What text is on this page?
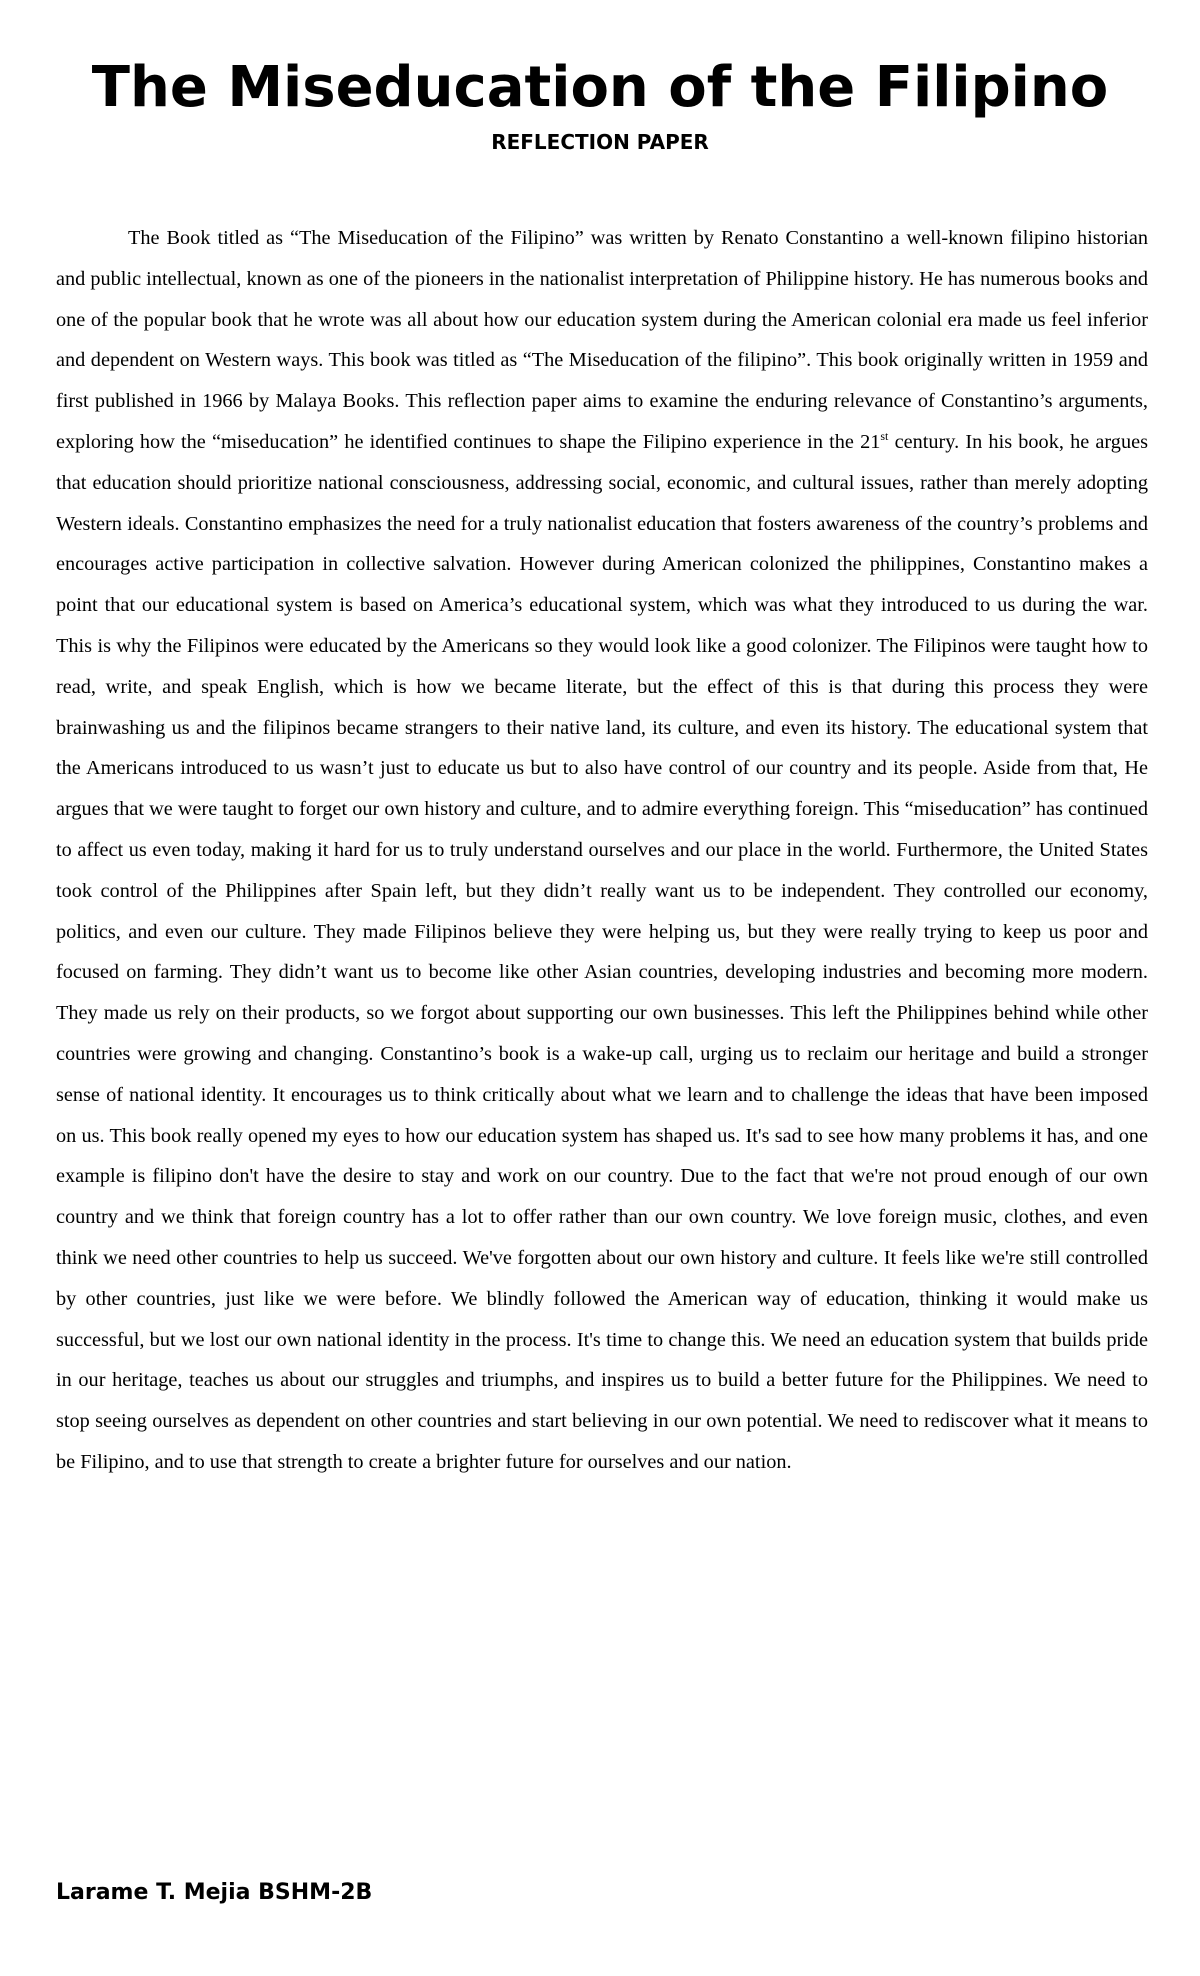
The Miseducation of the Filipino
REFLECTION PAPER

The Book titled as “The Miseducation of the Filipino” was written by Renato Constantino a well-known filipino historian and public intellectual, known as one of the pioneers in the nationalist interpretation of Philippine history. He has numerous books and one of the popular book that he wrote was all about how our education system during the American colonial era made us feel inferior and dependent on Western ways. This book was titled as “The Miseducation of the filipino”. This book originally written in 1959 and first published in 1966 by Malaya Books. This reflection paper aims to examine the enduring relevance of Constantino’s arguments, exploring how the “miseducation” he identified continues to shape the Filipino experience in the 21st century. In his book, he argues that education should prioritize national consciousness, addressing social, economic, and cultural issues, rather than merely adopting Western ideals. Constantino emphasizes the need for a truly nationalist education that fosters awareness of the country’s problems and encourages active participation in collective salvation. However during American colonized the philippines, Constantino makes a point that our educational system is based on America’s educational system, which was what they introduced to us during the war. This is why the Filipinos were educated by the Americans so they would look like a good colonizer. The Filipinos were taught how to read, write, and speak English, which is how we became literate, but the effect of this is that during this process they were brainwashing us and the filipinos became strangers to their native land, its culture, and even its history. The educational system that the Americans introduced to us wasn’t just to educate us but to also have control of our country and its people. Aside from that, He argues that we were taught to forget our own history and culture, and to admire everything foreign. This “miseducation” has continued to affect us even today, making it hard for us to truly understand ourselves and our place in the world. Furthermore, the United States took control of the Philippines after Spain left, but they didn’t really want us to be independent. They controlled our economy, politics, and even our culture. They made Filipinos believe they were helping us, but they were really trying to keep us poor and focused on farming. They didn’t want us to become like other Asian countries, developing industries and becoming more modern. They made us rely on their products, so we forgot about supporting our own businesses. This left the Philippines behind while other countries were growing and changing. Constantino’s book is a wake-up call, urging us to reclaim our heritage and build a stronger sense of national identity. It encourages us to think critically about what we learn and to challenge the ideas that have been imposed on us. This book really opened my eyes to how our education system has shaped us. It's sad to see how many problems it has, and one example is filipino don't have the desire to stay and work on our country. Due to the fact that we're not proud enough of our own country and we think that foreign country has a lot to offer rather than our own country. We love foreign music, clothes, and even think we need other countries to help us succeed. We've forgotten about our own history and culture. It feels like we're still controlled by other countries, just like we were before. We blindly followed the American way of education, thinking it would make us successful, but we lost our own national identity in the process. It's time to change this. We need an education system that builds pride in our heritage, teaches us about our struggles and triumphs, and inspires us to build a better future for the Philippines. We need to stop seeing ourselves as dependent on other countries and start believing in our own potential. We need to rediscover what it means to be Filipino, and to use that strength to create a brighter future for ourselves and our nation.

Larame T. Mejia BSHM-2B
